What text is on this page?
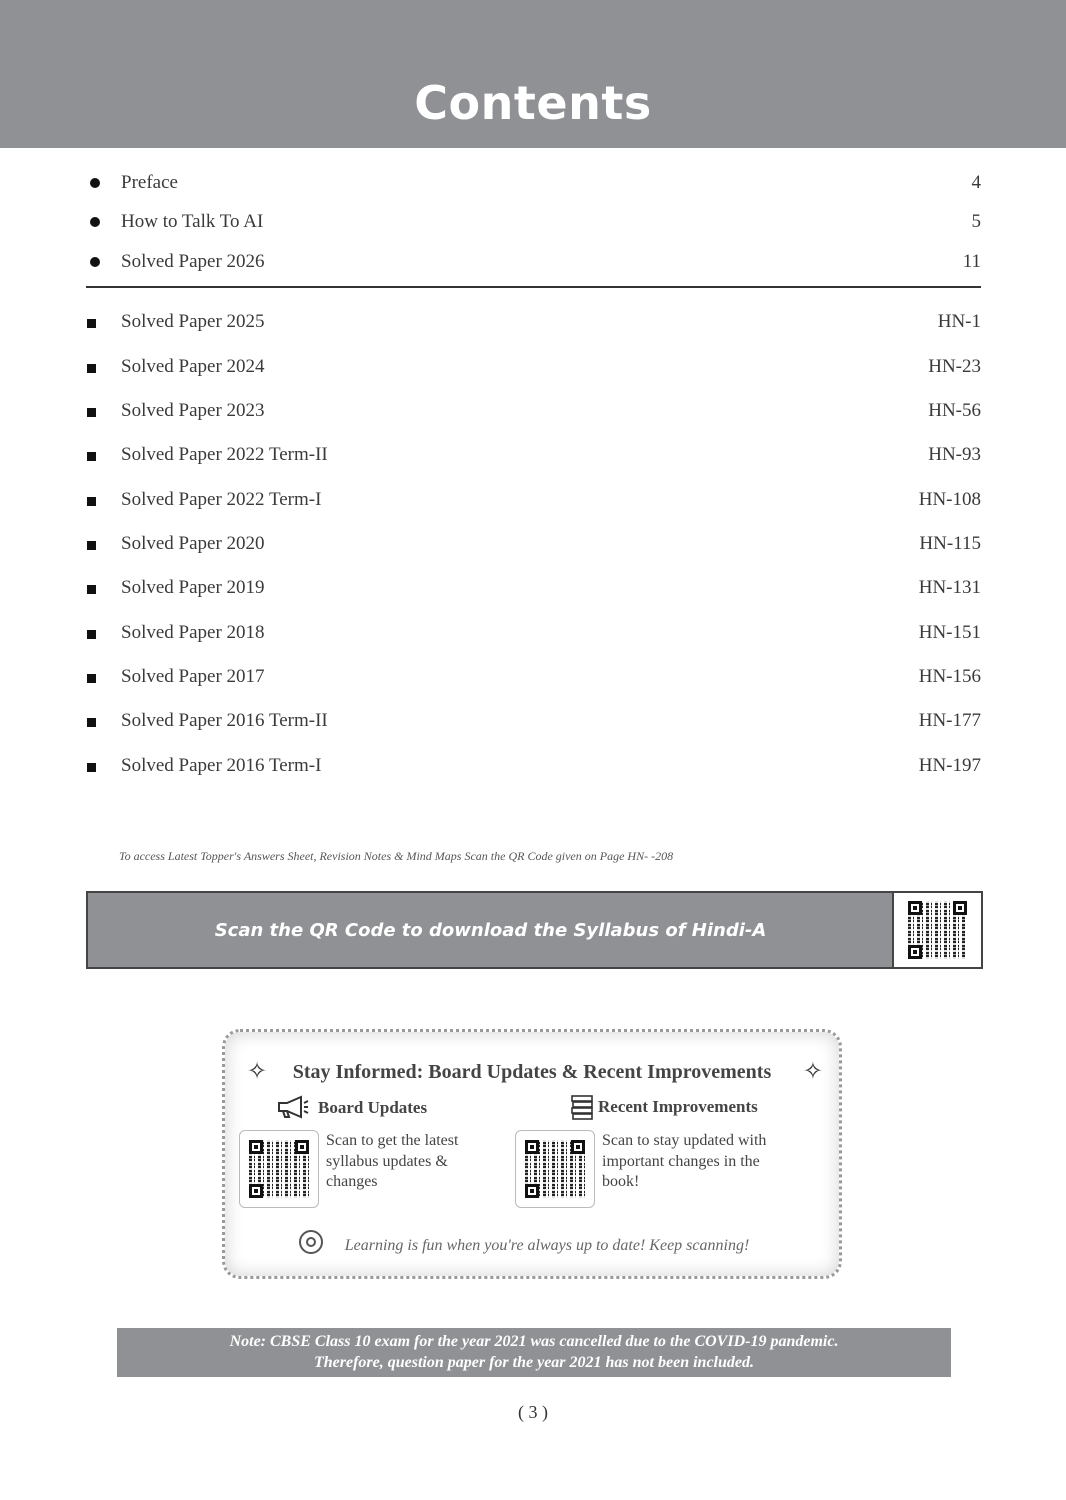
Contents
Preface	4
How to Talk To AI	5
Solved Paper 2026	11
Solved Paper 2025	HN-1
Solved Paper 2024	HN-23
Solved Paper 2023	HN-56
Solved Paper 2022 Term-II	HN-93
Solved Paper 2022 Term-I	HN-108
Solved Paper 2020	HN-115
Solved Paper 2019	HN-131
Solved Paper 2018	HN-151
Solved Paper 2017	HN-156
Solved Paper 2016 Term-II	HN-177
Solved Paper 2016 Term-I	HN-197
To access Latest Topper's Answers Sheet, Revision Notes & Mind Maps Scan the QR Code given on Page HN- -208
Scan the QR Code to download the Syllabus of Hindi-A
✧	Stay Informed: Board Updates & Recent Improvements	✧
Board Updates
Scan to get the latest
syllabus updates &
changes
Recent Improvements
Scan to stay updated with
important changes in the
book!
Learning is fun when you're always up to date! Keep scanning!
Note: CBSE Class 10 exam for the year 2021 was cancelled due to the COVID-19 pandemic.
Therefore, question paper for the year 2021 has not been included.
( 3 )
